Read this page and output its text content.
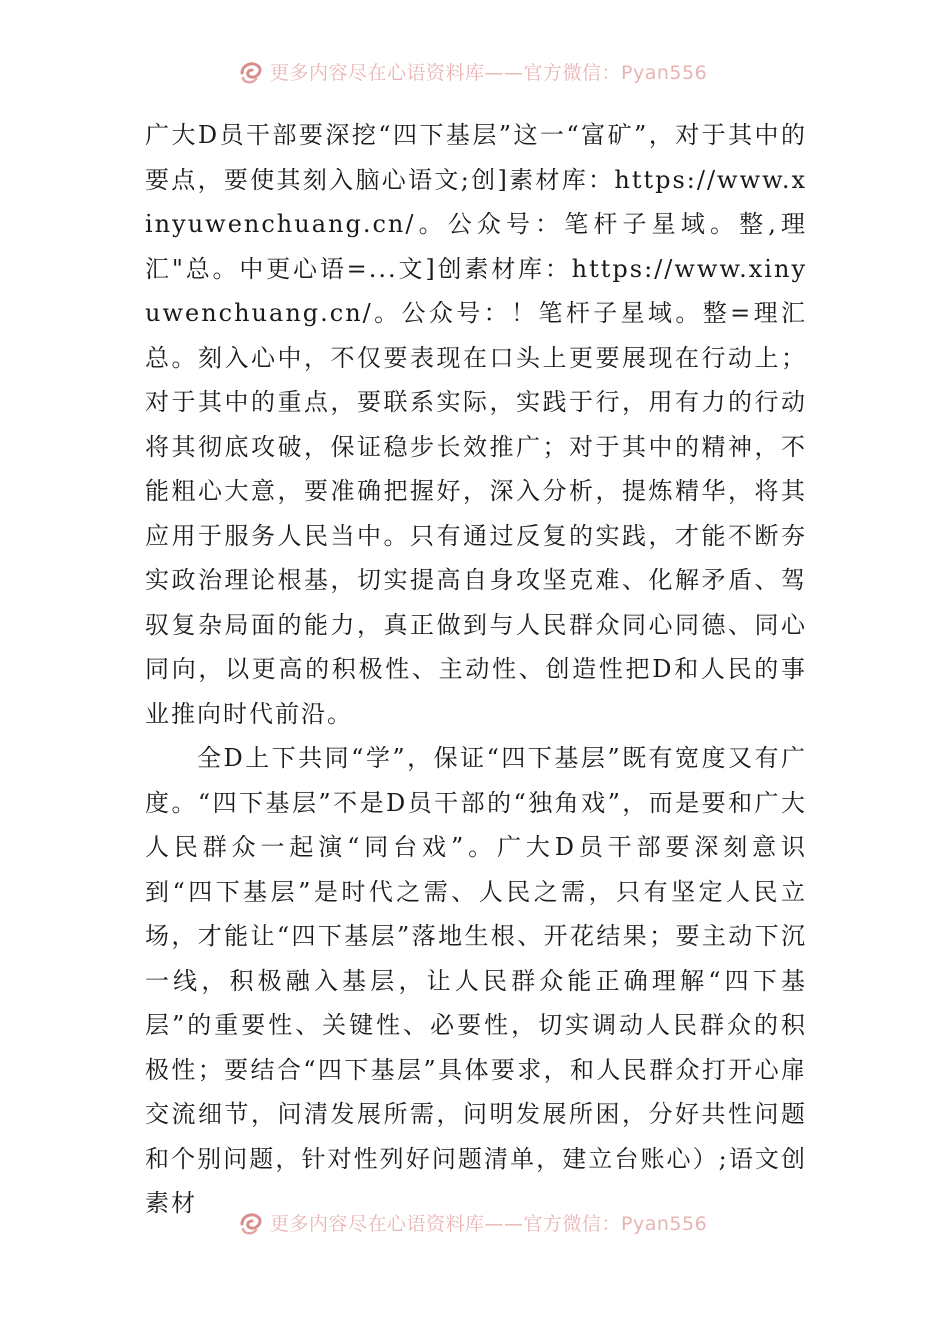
更多内容尽在心语资料库——官方微信：Pyan556

广大D员干部要深挖“四下基层”这一“富矿”，对于其中的要点，要使其刻入脑心语文;创]素材库：https://www.xinyuwenchuang.cn/。公众号：笔杆子星域。整,理汇"总。中更心语=...文]创素材库：https://www.xinyuwenchuang.cn/。公众号：！笔杆子星域。整=理汇总。刻入心中，不仅要表现在口头上更要展现在行动上；对于其中的重点，要联系实际，实践于行，用有力的行动将其彻底攻破，保证稳步长效推广；对于其中的精神，不能粗心大意，要准确把握好，深入分析，提炼精华，将其应用于服务人民当中。只有通过反复的实践，才能不断夯实政治理论根基，切实提高自身攻坚克难、化解矛盾、驾驭复杂局面的能力，真正做到与人民群众同心同德、同心同向，以更高的积极性、主动性、创造性把D和人民的事业推向时代前沿。

全D上下共同“学”，保证“四下基层”既有宽度又有广度。“四下基层”不是D员干部的“独角戏”，而是要和广大人民群众一起演“同台戏”。广大D员干部要深刻意识到“四下基层”是时代之需、人民之需，只有坚定人民立场，才能让“四下基层”落地生根、开花结果；要主动下沉一线，积极融入基层，让人民群众能正确理解“四下基层”的重要性、关键性、必要性，切实调动人民群众的积极性；要结合“四下基层”具体要求，和人民群众打开心扉交流细节，问清发展所需，问明发展所困，分好共性问题和个别问题，针对性列好问题清单，建立台账心）;语文创素材

更多内容尽在心语资料库——官方微信：Pyan556
